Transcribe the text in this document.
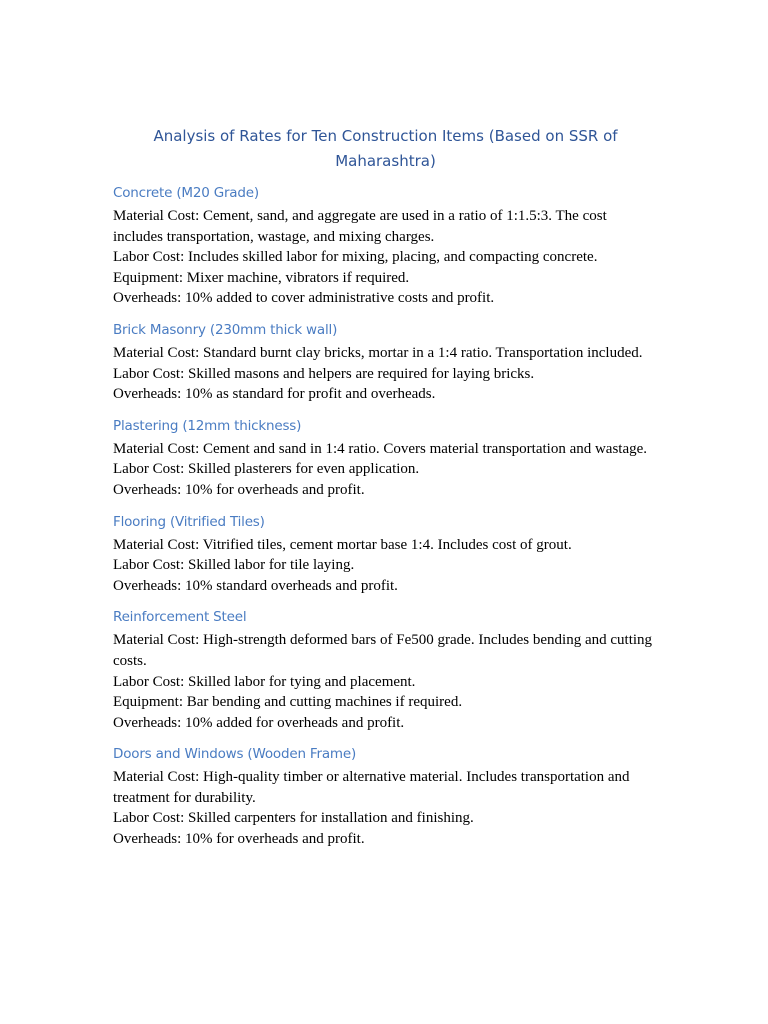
Analysis of Rates for Ten Construction Items (Based on SSR of Maharashtra)
Concrete (M20 Grade)

Material Cost: Cement, sand, and aggregate are used in a ratio of 1:1.5:3. The cost includes transportation, wastage, and mixing charges.

Labor Cost: Includes skilled labor for mixing, placing, and compacting concrete.

Equipment: Mixer machine, vibrators if required.

Overheads: 10% added to cover administrative costs and profit.

Brick Masonry (230mm thick wall)

Material Cost: Standard burnt clay bricks, mortar in a 1:4 ratio. Transportation included.

Labor Cost: Skilled masons and helpers are required for laying bricks.

Overheads: 10% as standard for profit and overheads.

Plastering (12mm thickness)

Material Cost: Cement and sand in 1:4 ratio. Covers material transportation and wastage.

Labor Cost: Skilled plasterers for even application.

Overheads: 10% for overheads and profit.

Flooring (Vitrified Tiles)

Material Cost: Vitrified tiles, cement mortar base 1:4. Includes cost of grout.

Labor Cost: Skilled labor for tile laying.

Overheads: 10% standard overheads and profit.

Reinforcement Steel

Material Cost: High-strength deformed bars of Fe500 grade. Includes bending and cutting costs.

Labor Cost: Skilled labor for tying and placement.

Equipment: Bar bending and cutting machines if required.

Overheads: 10% added for overheads and profit.

Doors and Windows (Wooden Frame)

Material Cost: High-quality timber or alternative material. Includes transportation and treatment for durability.

Labor Cost: Skilled carpenters for installation and finishing.

Overheads: 10% for overheads and profit.
